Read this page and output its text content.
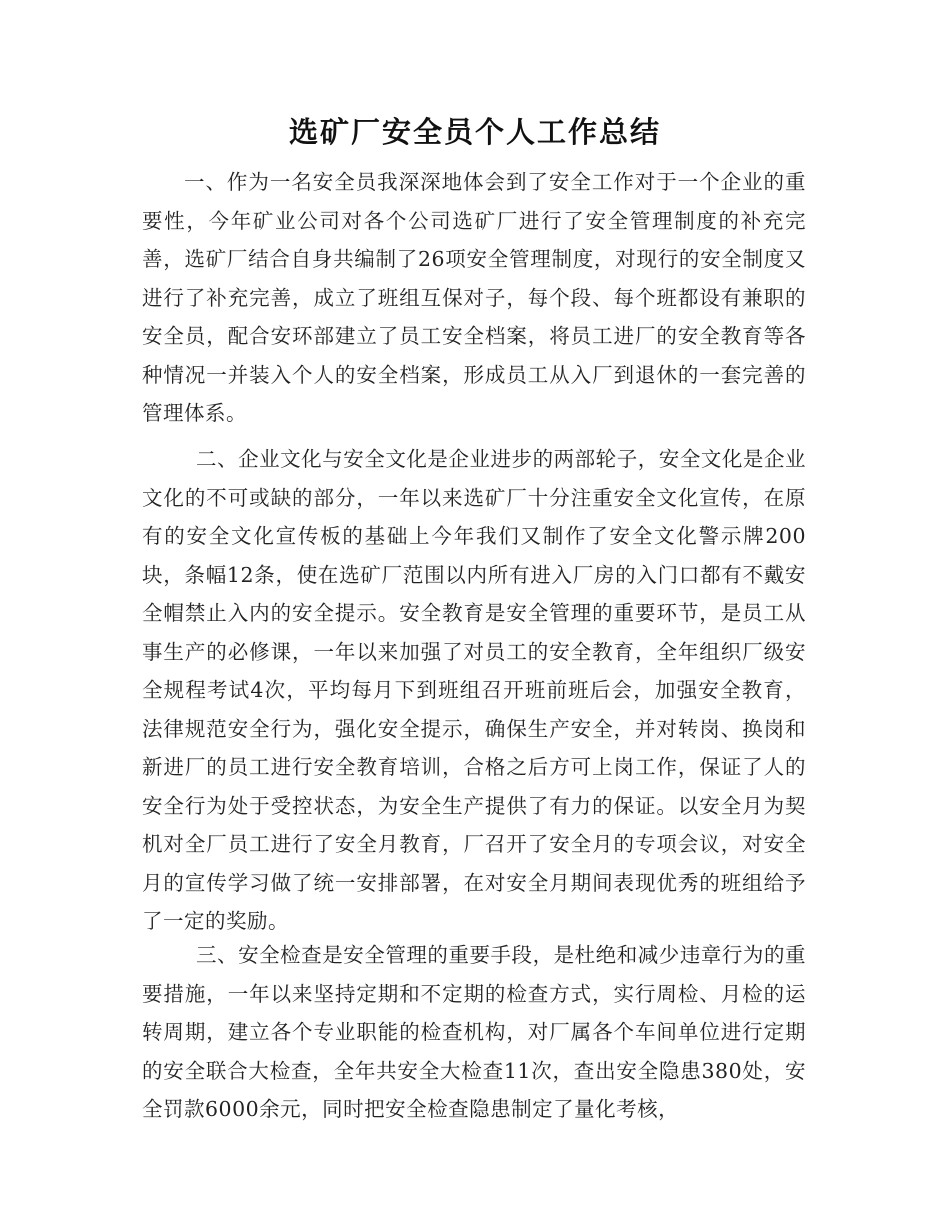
选矿厂安全员个人工作总结

一、作为一名安全员我深深地体会到了安全工作对于一个企业的重要性，今年矿业公司对各个公司选矿厂进行了安全管理制度的补充完善，选矿厂结合自身共编制了26项安全管理制度，对现行的安全制度又进行了补充完善，成立了班组互保对子，每个段、每个班都设有兼职的安全员，配合安环部建立了员工安全档案，将员工进厂的安全教育等各种情况一并装入个人的安全档案，形成员工从入厂到退休的一套完善的管理体系。

二、企业文化与安全文化是企业进步的两部轮子，安全文化是企业文化的不可或缺的部分，一年以来选矿厂十分注重安全文化宣传，在原有的安全文化宣传板的基础上今年我们又制作了安全文化警示牌200块，条幅12条，使在选矿厂范围以内所有进入厂房的入门口都有不戴安全帽禁止入内的安全提示。安全教育是安全管理的重要环节，是员工从事生产的必修课，一年以来加强了对员工的安全教育，全年组织厂级安全规程考试4次，平均每月下到班组召开班前班后会，加强安全教育，法律规范安全行为，强化安全提示，确保生产安全，并对转岗、换岗和新进厂的员工进行安全教育培训，合格之后方可上岗工作，保证了人的安全行为处于受控状态，为安全生产提供了有力的保证。以安全月为契机对全厂员工进行了安全月教育，厂召开了安全月的专项会议，对安全月的宣传学习做了统一安排部署，在对安全月期间表现优秀的班组给予了一定的奖励。

三、安全检查是安全管理的重要手段，是杜绝和减少违章行为的重要措施，一年以来坚持定期和不定期的检查方式，实行周检、月检的运转周期，建立各个专业职能的检查机构，对厂属各个车间单位进行定期的安全联合大检查，全年共安全大检查11次，查出安全隐患380处，安全罚款6000余元，同时把安全检查隐患制定了量化考核，
